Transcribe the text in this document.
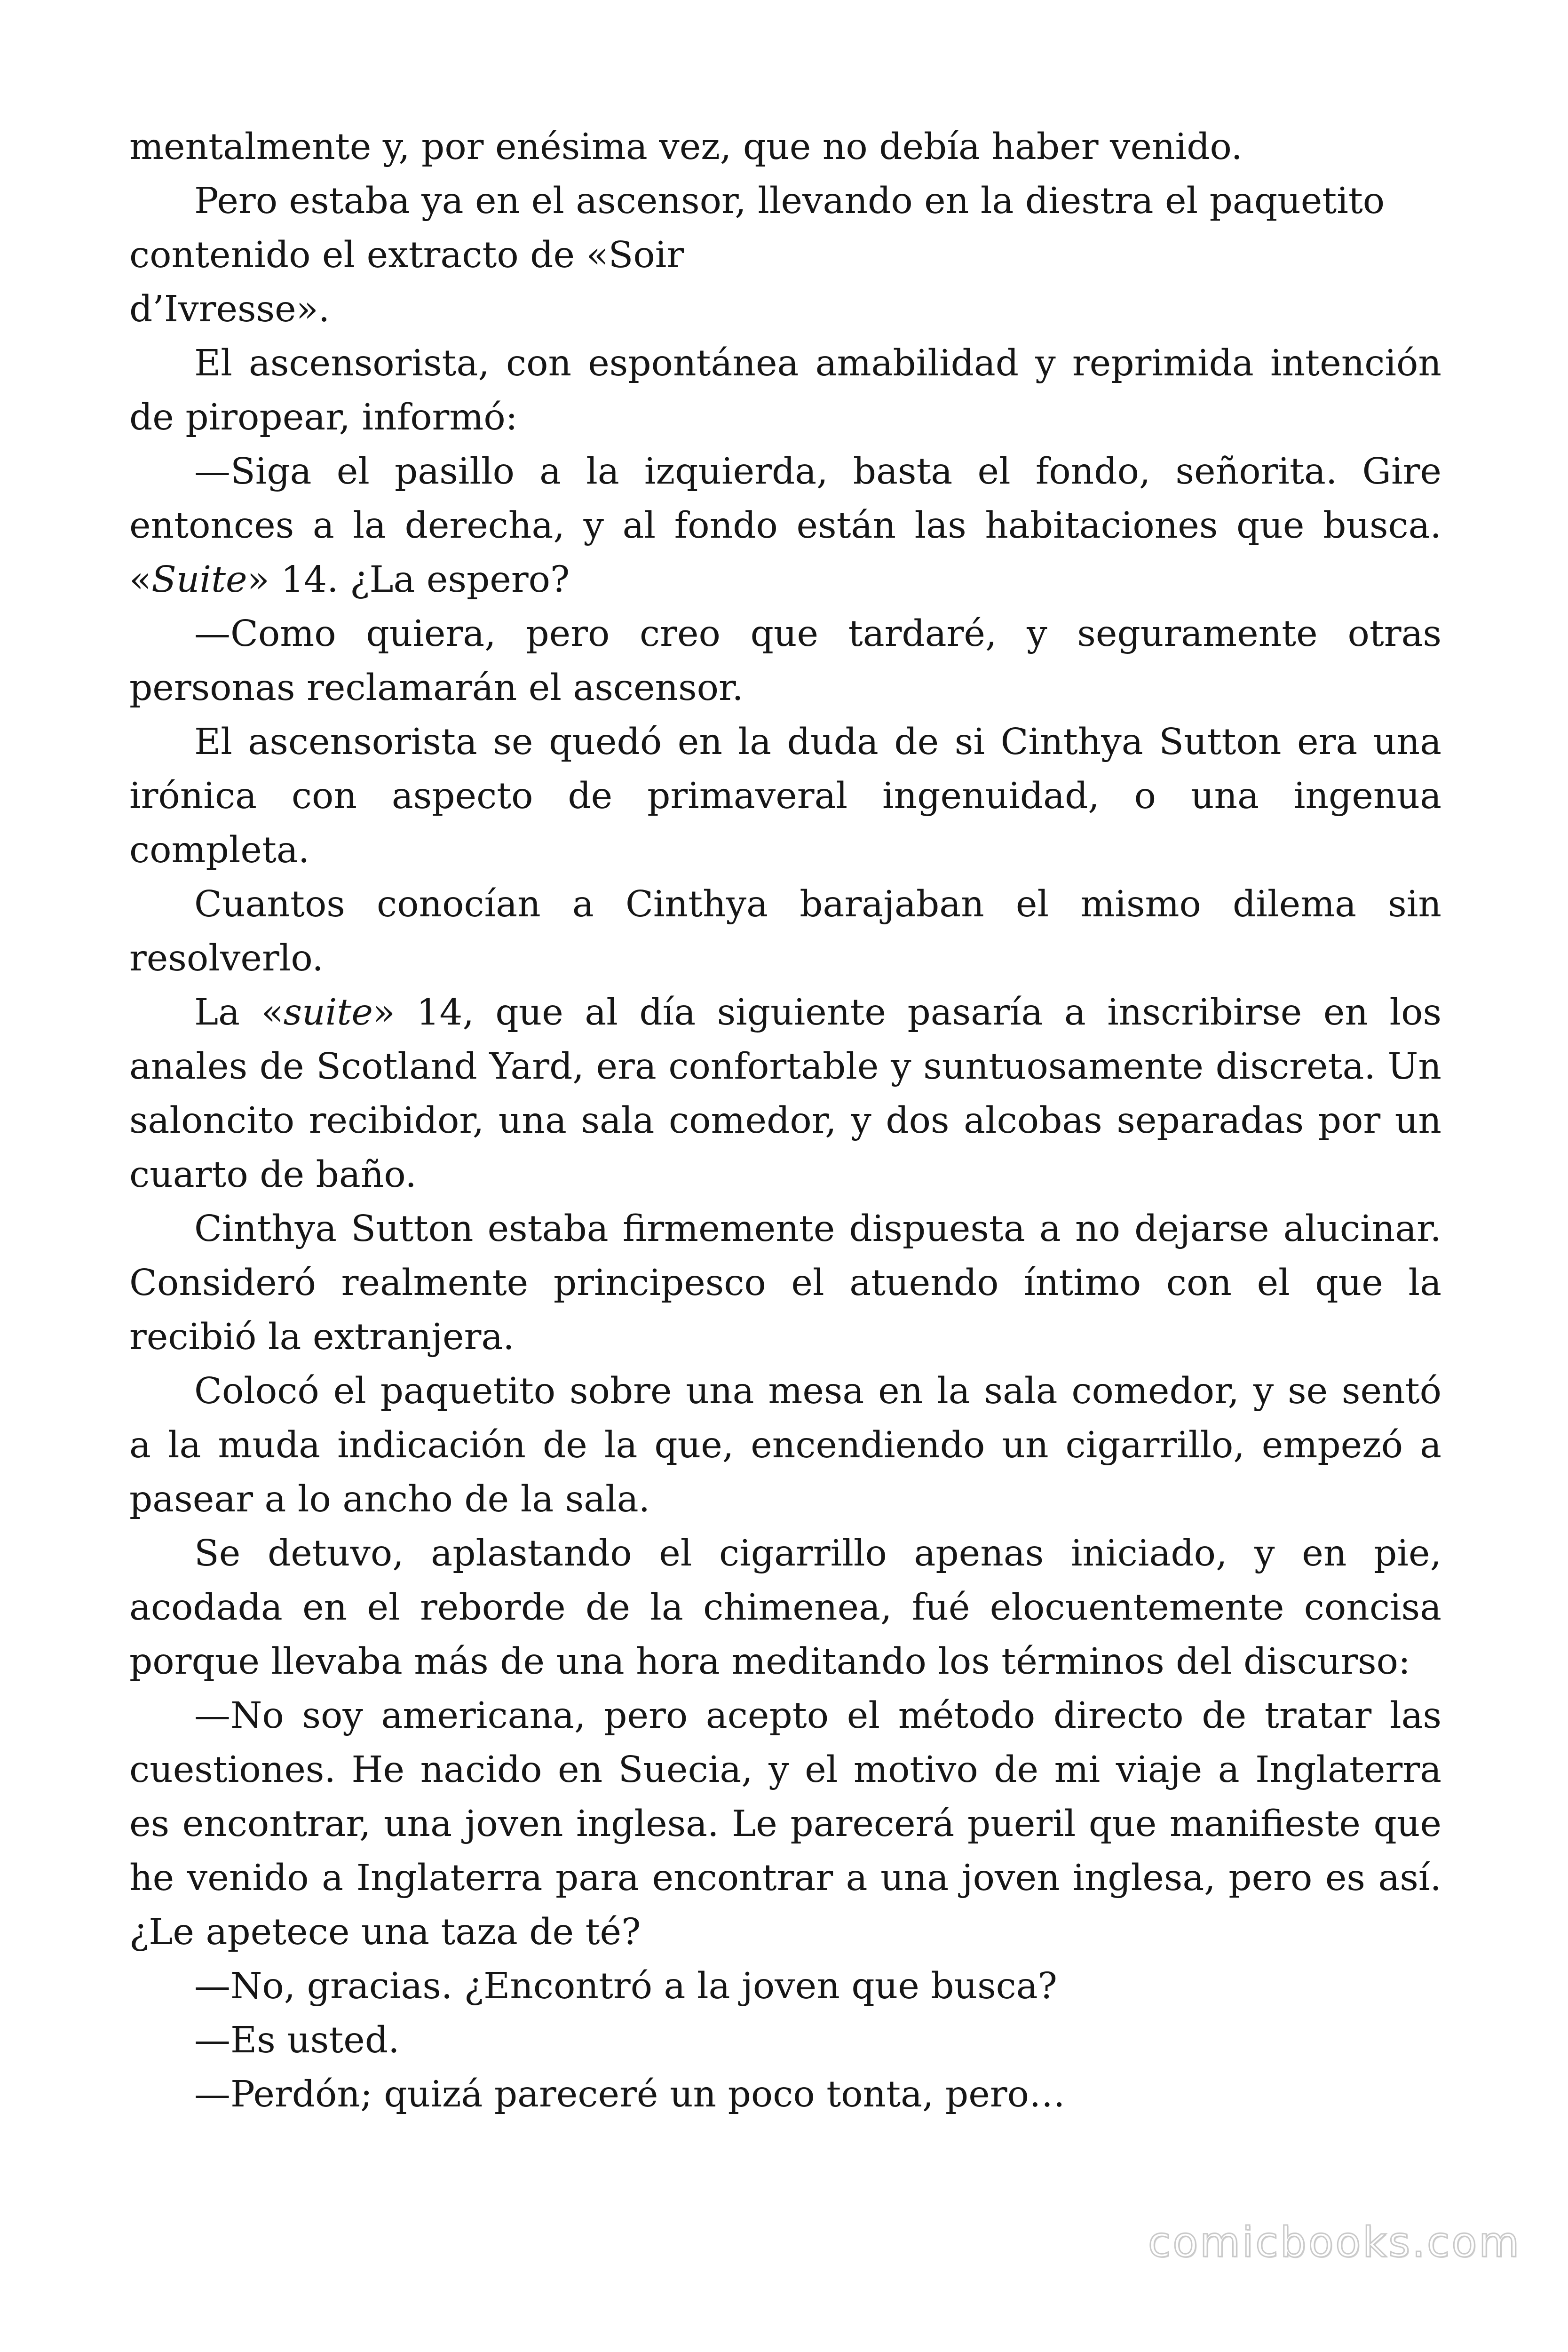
mentalmente y, por enésima vez, que no debía haber venido.

Pero estaba ya en el ascensor, llevando en la diestra el paquetito contenido el extracto de «Soir

d’Ivresse».

El ascensorista, con espontánea amabilidad y reprimida intención de piropear, informó:

—Siga el pasillo a la izquierda, basta el fondo, señorita. Gire entonces a la derecha, y al fondo están las habitaciones que busca. «Suite» 14. ¿La espero?

—Como quiera, pero creo que tardaré, y seguramente otras personas reclamarán el ascensor.

El ascensorista se quedó en la duda de si Cinthya Sutton era una irónica con aspecto de primaveral ingenuidad, o una ingenua completa.

Cuantos conocían a Cinthya barajaban el mismo dilema sin resolverlo.

La «suite» 14, que al día siguiente pasaría a inscribirse en los anales de Scotland Yard, era confortable y suntuosamente discreta. Un saloncito recibidor, una sala comedor, y dos alcobas separadas por un cuarto de baño.

Cinthya Sutton estaba firmemente dispuesta a no dejarse alucinar. Consideró realmente principesco el atuendo íntimo con el que la recibió la extranjera.

Colocó el paquetito sobre una mesa en la sala comedor, y se sentó a la muda indicación de la que, encendiendo un cigarrillo, empezó a pasear a lo ancho de la sala.

Se detuvo, aplastando el cigarrillo apenas iniciado, y en pie, acodada en el reborde de la chimenea, fué elocuentemente concisa porque llevaba más de una hora meditando los términos del discurso:

—No soy americana, pero acepto el método directo de tratar las cuestiones. He nacido en Suecia, y el motivo de mi viaje a Inglaterra es encontrar, una joven inglesa. Le parecerá pueril que manifieste que he venido a Inglaterra para encontrar a una joven inglesa, pero es así. ¿Le apetece una taza de té?

—No, gracias. ¿Encontró a la joven que busca?

—Es usted.

—Perdón; quizá pareceré un poco tonta, pero…

comicbooks.com
